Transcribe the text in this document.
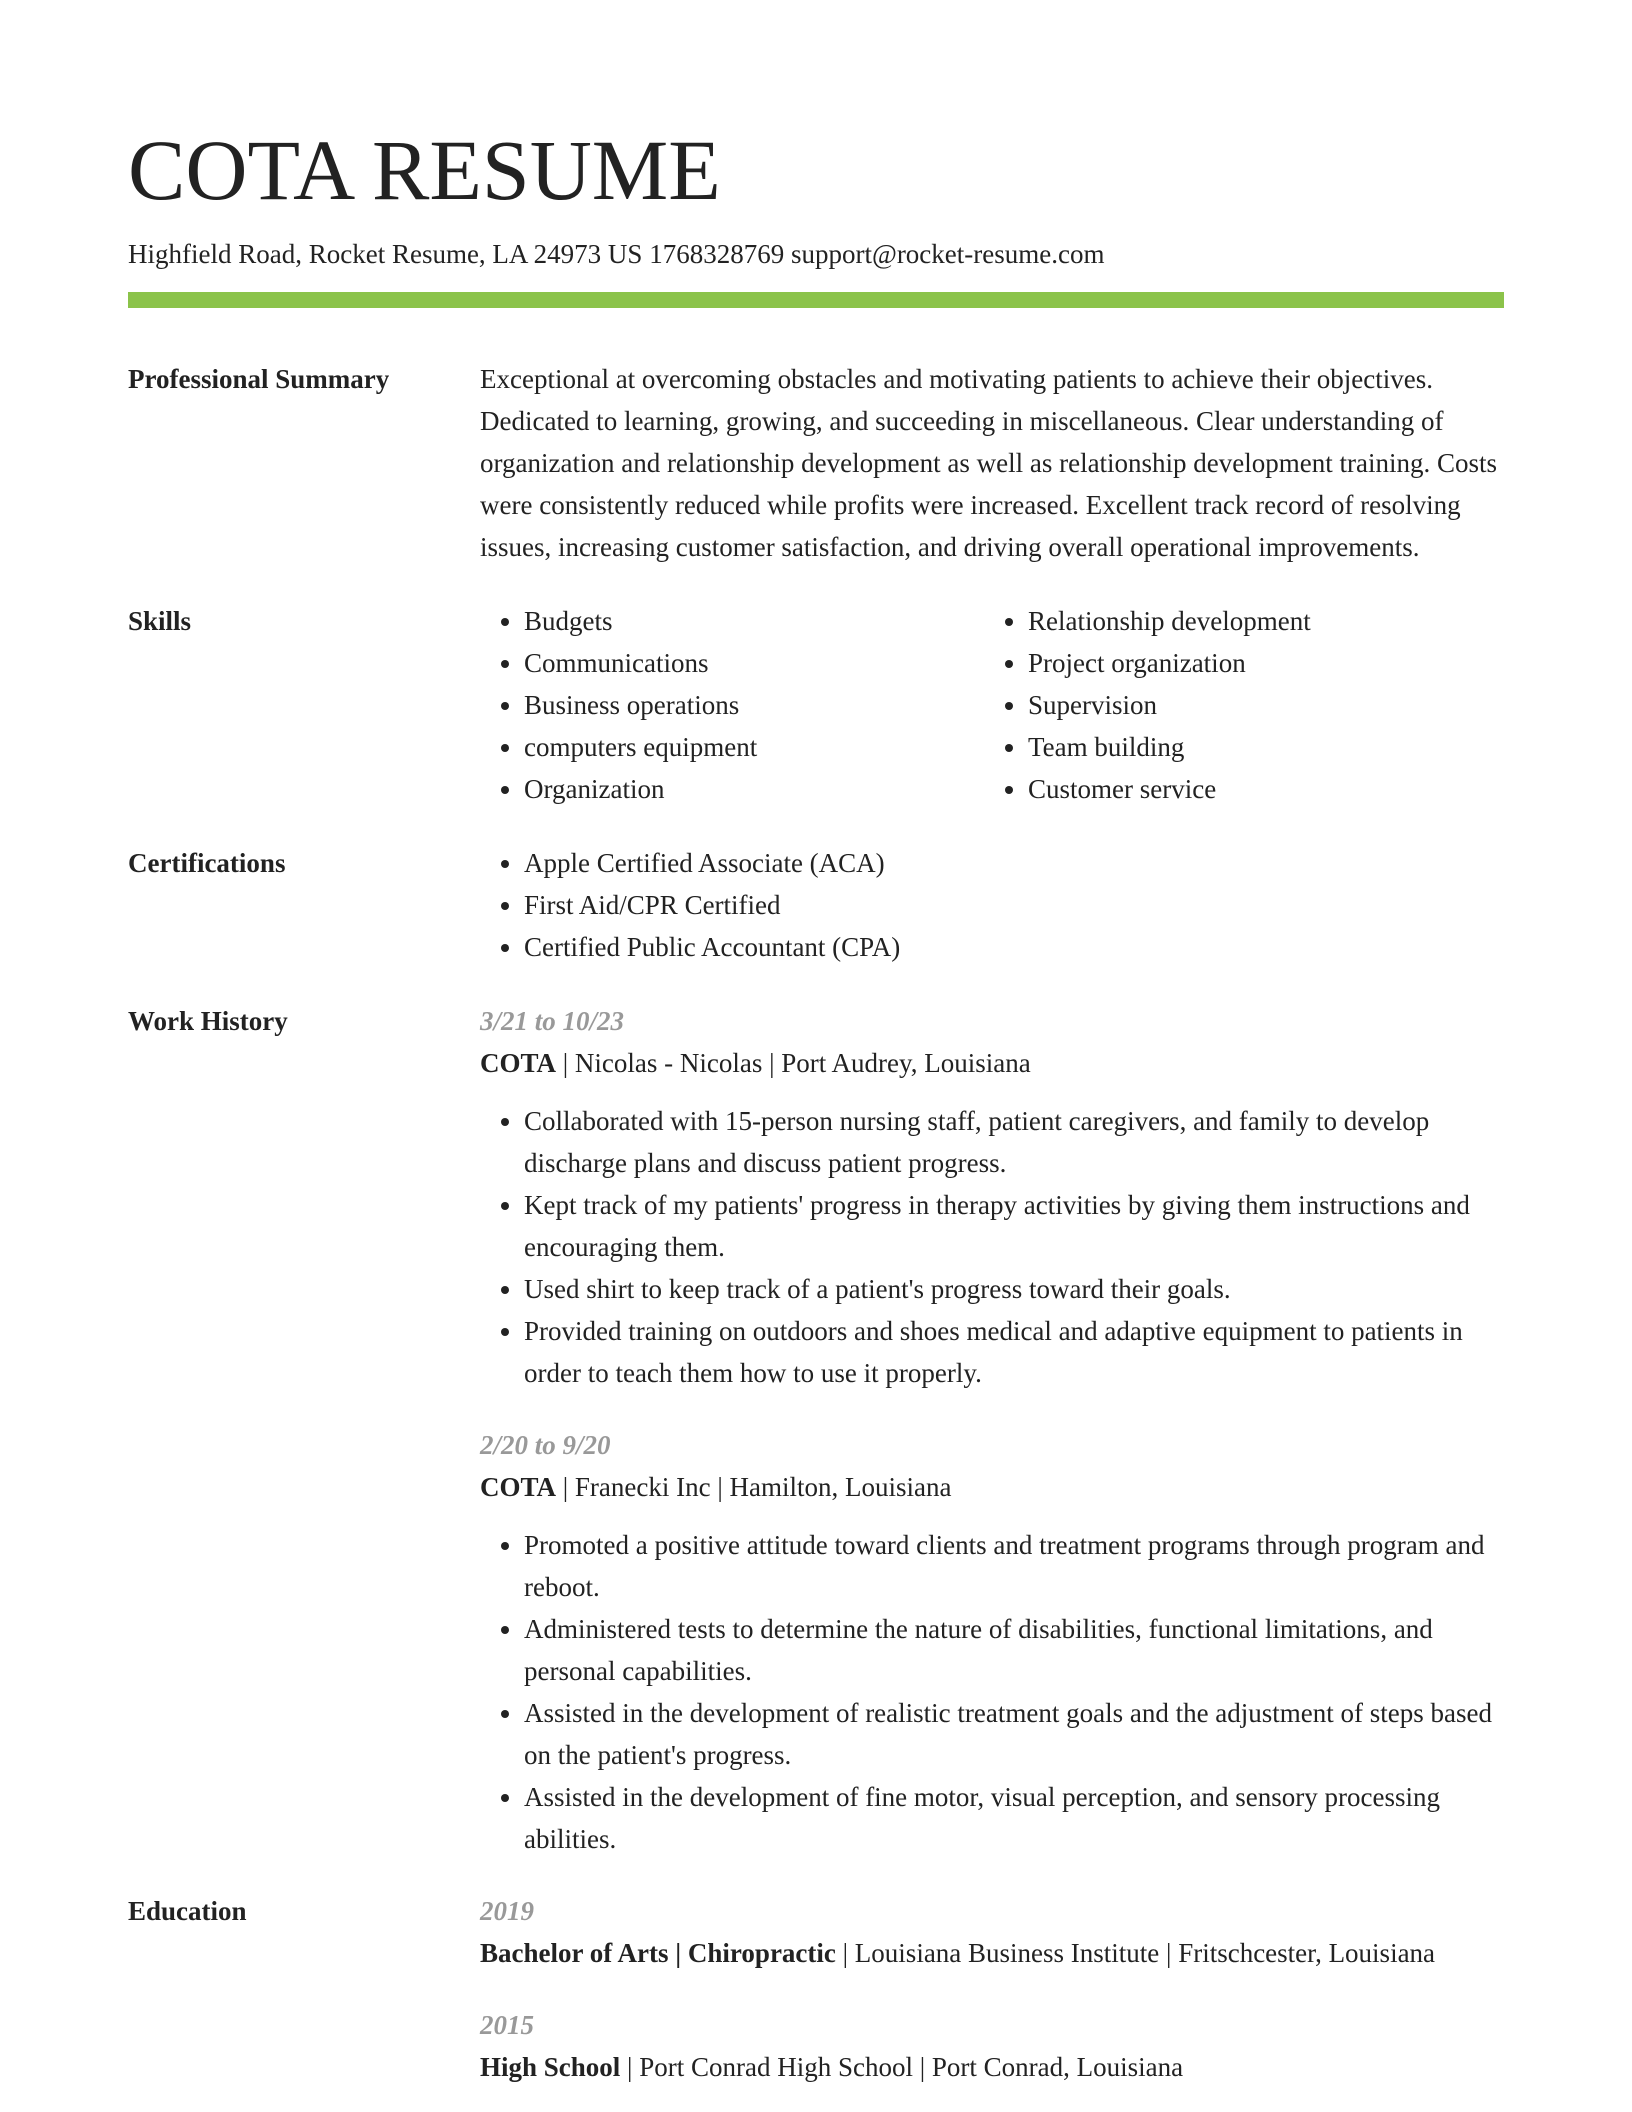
COTA RESUME
Highfield Road, Rocket Resume, LA 24973 US 1768328769 support@rocket-resume.com
Professional Summary	Exceptional at overcoming obstacles and motivating patients to achieve their objectives. Dedicated to learning, growing, and succeeding in miscellaneous. Clear understanding of organization and relationship development as well as relationship development training. Costs were consistently reduced while profits were increased. Excellent track record of resolving issues, increasing customer satisfaction, and driving overall operational improvements.
Skills	• Budgets
• Communications
• Business operations
• computers equipment
• Organization
• Relationship development
• Project organization
• Supervision
• Team building
• Customer service
Certifications	• Apple Certified Associate (ACA)
• First Aid/CPR Certified
• Certified Public Accountant (CPA)
Work History	3/21 to 10/23
COTA | Nicolas - Nicolas | Port Audrey, Louisiana
• Collaborated with 15-person nursing staff, patient caregivers, and family to develop discharge plans and discuss patient progress.
• Kept track of my patients' progress in therapy activities by giving them instructions and encouraging them.
• Used shirt to keep track of a patient's progress toward their goals.
• Provided training on outdoors and shoes medical and adaptive equipment to patients in order to teach them how to use it properly.
2/20 to 9/20
COTA | Franecki Inc | Hamilton, Louisiana
• Promoted a positive attitude toward clients and treatment programs through program and reboot.
• Administered tests to determine the nature of disabilities, functional limitations, and personal capabilities.
• Assisted in the development of realistic treatment goals and the adjustment of steps based on the patient's progress.
• Assisted in the development of fine motor, visual perception, and sensory processing abilities.
Education	2019
Bachelor of Arts | Chiropractic | Louisiana Business Institute | Fritschcester, Louisiana
2015
High School | Port Conrad High School | Port Conrad, Louisiana
